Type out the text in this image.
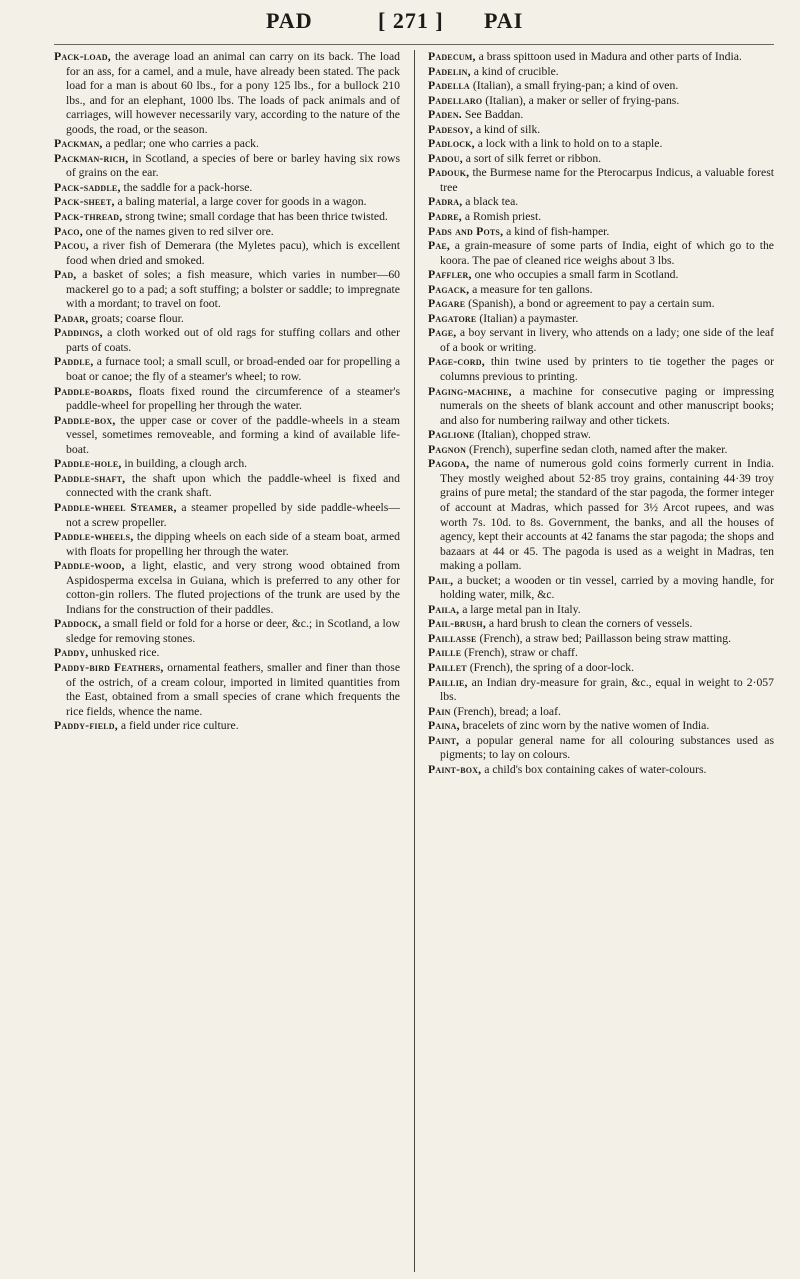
PAD	[ 271 ] PAI

Pack-load, the average load an animal can carry on its back. The load for an ass, for a camel, and a mule, have already been stated. The pack load for a man is about 60 lbs., for a pony 125 lbs., for a bullock 210 lbs., and for an elephant, 1000 lbs. The loads of pack animals and of carriages, will however necessarily vary, according to the nature of the goods, the road, or the season.

Packman, a pedlar; one who carries a pack.

Packman-rich, in Scotland, a species of bere or barley having six rows of grains on the ear.

Pack-saddle, the saddle for a pack-horse.

Pack-sheet, a baling material, a large cover for goods in a wagon.

Pack-thread, strong twine; small cordage that has been thrice twisted.

Paco, one of the names given to red silver ore.

Pacou, a river fish of Demerara (the Myletes pacu), which is excellent food when dried and smoked.

Pad, a basket of soles; a fish measure, which varies in number—60 mackerel go to a pad; a soft stuffing; a bolster or saddle; to impregnate with a mordant; to travel on foot.

Padar, groats; coarse flour.

Paddings, a cloth worked out of old rags for stuffing collars and other parts of coats.

Paddle, a furnace tool; a small scull, or broad-ended oar for propelling a boat or canoe; the fly of a steamer's wheel; to row.

Paddle-boards, floats fixed round the circumference of a steamer's paddle-wheel for propelling her through the water.

Paddle-box, the upper case or cover of the paddle-wheels in a steam vessel, sometimes removeable, and forming a kind of available life-boat.

Paddle-hole, in building, a clough arch.

Paddle-shaft, the shaft upon which the paddle-wheel is fixed and connected with the crank shaft.

Paddle-wheel Steamer, a steamer propelled by side paddle-wheels—not a screw propeller.

Paddle-wheels, the dipping wheels on each side of a steam boat, armed with floats for propelling her through the water.

Paddle-wood, a light, elastic, and very strong wood obtained from Aspidosperma excelsa in Guiana, which is preferred to any other for cotton-gin rollers. The fluted projections of the trunk are used by the Indians for the construction of their paddles.

Paddock, a small field or fold for a horse or deer, &c.; in Scotland, a low sledge for removing stones.

Paddy, unhusked rice.

Paddy-bird Feathers, ornamental feathers, smaller and finer than those of the ostrich, of a cream colour, imported in limited quantities from the East, obtained from a small species of crane which frequents the rice fields, whence the name.

Paddy-field, a field under rice culture.

Padecum, a brass spittoon used in Madura and other parts of India.

Padelin, a kind of crucible.

Padella (Italian), a small frying-pan; a kind of oven.

Padellaro (Italian), a maker or seller of frying-pans.

Paden. See Baddan.

Padesoy, a kind of silk.

Padlock, a lock with a link to hold on to a staple.

Padou, a sort of silk ferret or ribbon.

Padouk, the Burmese name for the Pterocarpus Indicus, a valuable forest tree

Padra, a black tea.

Padre, a Romish priest.

Pads and Pots, a kind of fish-hamper.

Pae, a grain-measure of some parts of India, eight of which go to the koora. The pae of cleaned rice weighs about 3 lbs.

Paffler, one who occupies a small farm in Scotland.

Pagack, a measure for ten gallons.

Pagare (Spanish), a bond or agreement to pay a certain sum.

Pagatore (Italian) a paymaster.

Page, a boy servant in livery, who attends on a lady; one side of the leaf of a book or writing.

Page-cord, thin twine used by printers to tie together the pages or columns previous to printing.

Paging-machine, a machine for consecutive paging or impressing numerals on the sheets of blank account and other manuscript books; and also for numbering railway and other tickets.

Paglione (Italian), chopped straw.

Pagnon (French), superfine sedan cloth, named after the maker.

Pagoda, the name of numerous gold coins formerly current in India. They mostly weighed about 52·85 troy grains, containing 44·39 troy grains of pure metal; the standard of the star pagoda, the former integer of account at Madras, which passed for 3½ Arcot rupees, and was worth 7s. 10d. to 8s. Government, the banks, and all the houses of agency, kept their accounts at 42 fanams the star pagoda; the shops and bazaars at 44 or 45. The pagoda is used as a weight in Madras, ten making a pollam.

Pail, a bucket; a wooden or tin vessel, carried by a moving handle, for holding water, milk, &c.

Paila, a large metal pan in Italy.

Pail-brush, a hard brush to clean the corners of vessels.

Paillasse (French), a straw bed; Paillasson being straw matting.

Paille (French), straw or chaff.

Paillet (French), the spring of a door-lock.

Paillie, an Indian dry-measure for grain, &c., equal in weight to 2·057 lbs.

Pain (French), bread; a loaf.

Paina, bracelets of zinc worn by the native women of India.

Paint, a popular general name for all colouring substances used as pigments; to lay on colours.

Paint-box, a child's box containing cakes of water-colours.
